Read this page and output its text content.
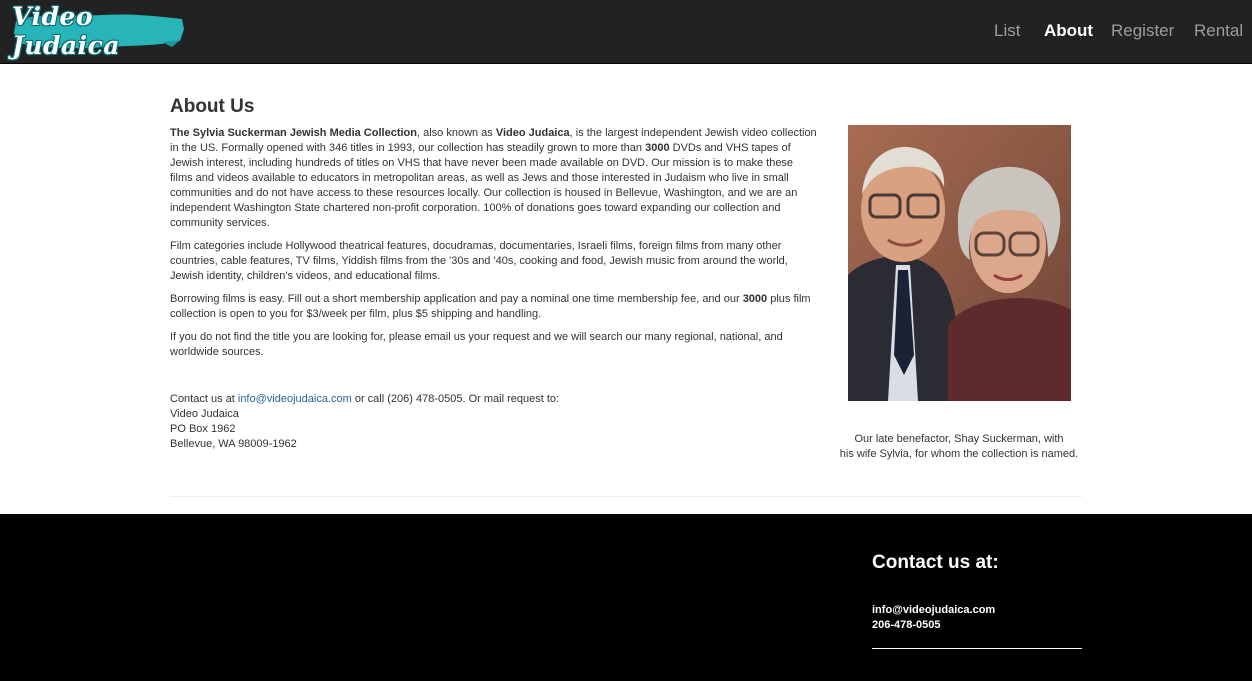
Video Judaica
List About Register Rental
About Us

The Sylvia Suckerman Jewish Media Collection, also known as Video Judaica, is the largest independent Jewish video collection in the US. Formally opened with 346 titles in 1993, our collection has steadily grown to more than 3000 DVDs and VHS tapes of Jewish interest, including hundreds of titles on VHS that have never been made available on DVD. Our mission is to make these films and videos available to educators in metropolitan areas, as well as Jews and those interested in Judaism who live in small communities and do not have access to these resources locally. Our collection is housed in Bellevue, Washington, and we are an independent Washington State chartered non-profit corporation. 100% of donations goes toward expanding our collection and community services.

Film categories include Hollywood theatrical features, docudramas, documentaries, Israeli films, foreign films from many other countries, cable features, TV films, Yiddish films from the '30s and '40s, cooking and food, Jewish music from around the world, Jewish identity, children's videos, and educational films.

Borrowing films is easy. Fill out a short membership application and pay a nominal one time membership fee, and our 3000 plus film collection is open to you for $3/week per film, plus $5 shipping and handling.

If you do not find the title you are looking for, please email us your request and we will search our many regional, national, and worldwide sources.

Contact us at info@videojudaica.com or call (206) 478-0505. Or mail request to:
Video Judaica
PO Box 1962
Bellevue, WA 98009-1962	Our late benefactor, Shay Suckerman, with
his wife Sylvia, for whom the collection is named.
Contact us at:
info@videojudaica.com
206-478-0505
